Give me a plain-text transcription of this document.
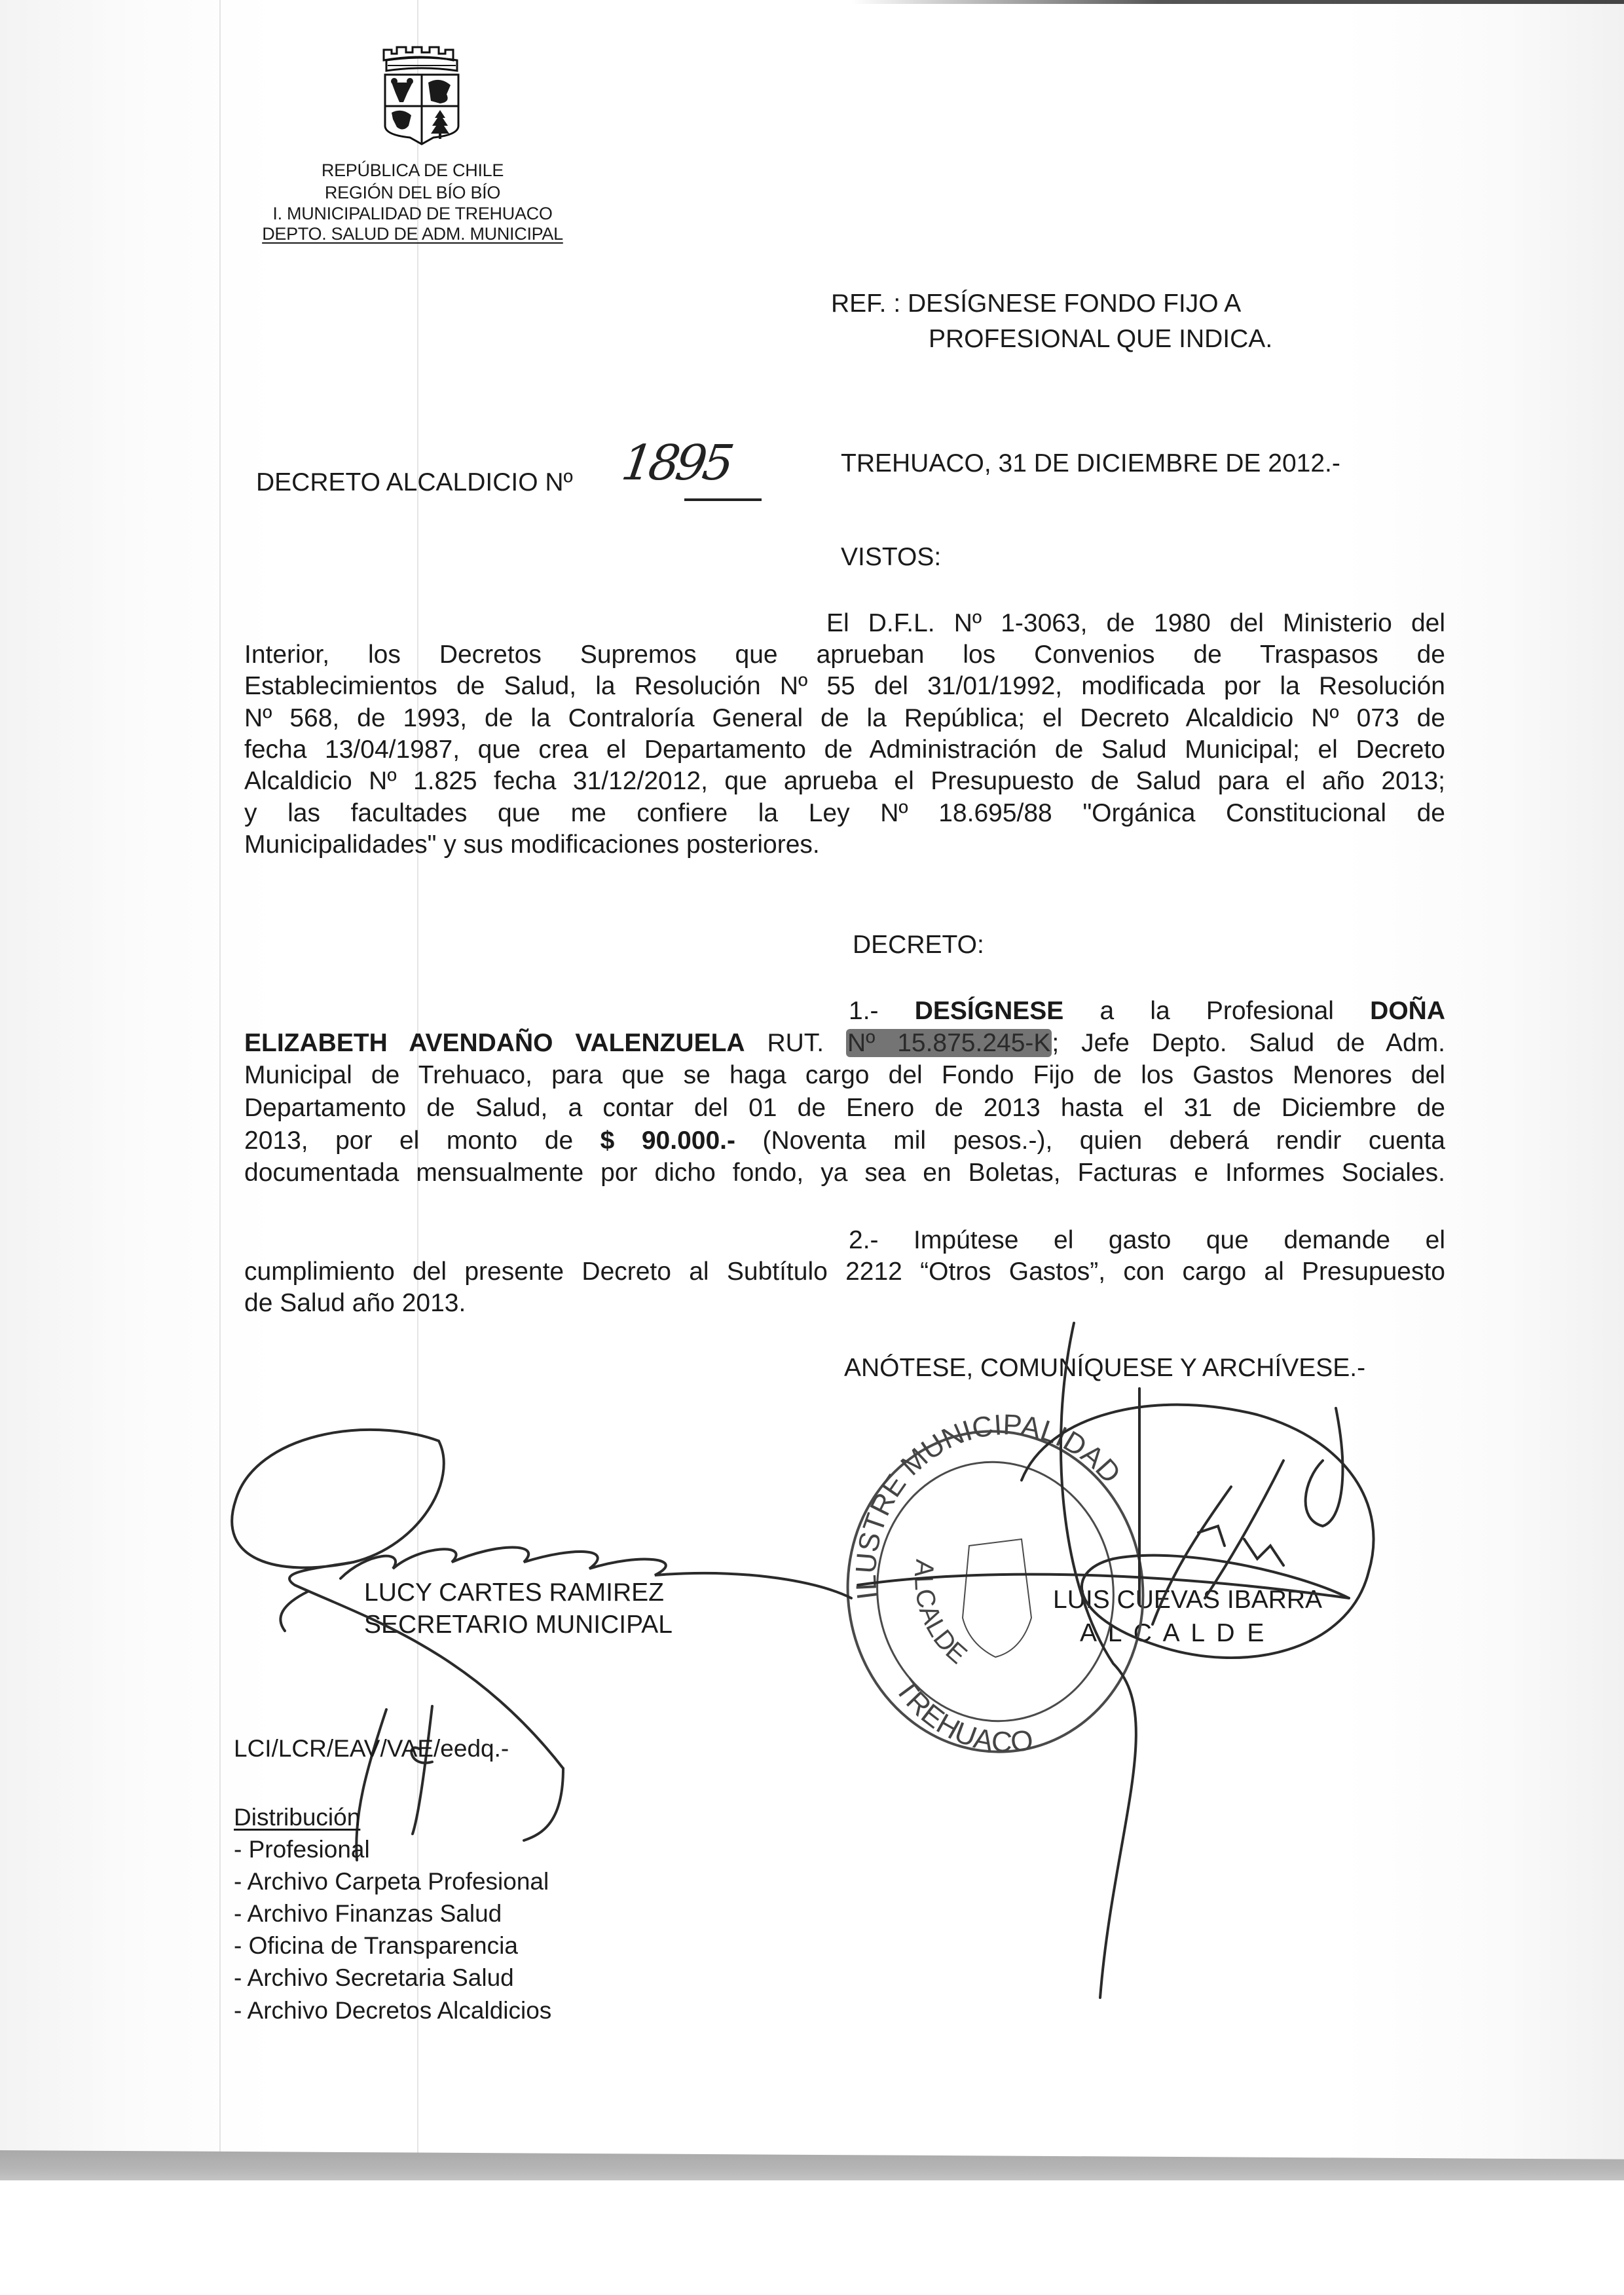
REPÚBLICA DE CHILE
REGIÓN DEL BÍO BÍO
I. MUNICIPALIDAD DE TREHUACO
DEPTO. SALUD DE ADM. MUNICIPAL
REF. : DESÍGNESE FONDO FIJO A
PROFESIONAL QUE INDICA.
DECRETO ALCALDICIO Nº 1895	TREHUACO, 31 DE DICIEMBRE DE 2012.-
VISTOS:
El D.F.L. Nº 1-3063, de 1980 del Ministerio del
Interior, los Decretos Supremos que aprueban los Convenios de Traspasos de
Establecimientos de Salud, la Resolución Nº 55 del 31/01/1992, modificada por la Resolución
Nº 568, de 1993, de la Contraloría General de la República; el Decreto Alcaldicio Nº 073 de
fecha 13/04/1987, que crea el Departamento de Administración de Salud Municipal; el Decreto
Alcaldicio Nº 1.825 fecha 31/12/2012, que aprueba el Presupuesto de Salud para el año 2013;
y las facultades que me confiere la Ley Nº 18.695/88 "Orgánica Constitucional de
Municipalidades" y sus modificaciones posteriores.
DECRETO:
1.- DESÍGNESE a la Profesional DOÑA
ELIZABETH AVENDAÑO VALENZUELA RUT. Nº 15.875.245-K; Jefe Depto. Salud de Adm.
Municipal de Trehuaco, para que se haga cargo del Fondo Fijo de los Gastos Menores del
Departamento de Salud, a contar del 01 de Enero de 2013 hasta el 31 de Diciembre de
2013, por el monto de $ 90.000.- (Noventa mil pesos.-), quien deberá rendir cuenta
documentada mensualmente por dicho fondo, ya sea en Boletas, Facturas e Informes Sociales.
2.- Impútese el gasto que demande el
cumplimiento del presente Decreto al Subtítulo 2212 “Otros Gastos”, con cargo al Presupuesto
de Salud año 2013.
ANÓTESE, COMUNÍQUESE Y ARCHÍVESE.-
LUCY CARTES RAMIREZ
SECRETARIO MUNICIPAL
LUIS CUEVAS IBARRA
A L C A L D E
ILUSTRE MUNICIPALIDAD
ALCALDE
TREHUACO
LCI/LCR/EAV/VAE/eedq.-
Distribución
- Profesional
- Archivo Carpeta Profesional
- Archivo Finanzas Salud
- Oficina de Transparencia
- Archivo Secretaria Salud
- Archivo Decretos Alcaldicios
